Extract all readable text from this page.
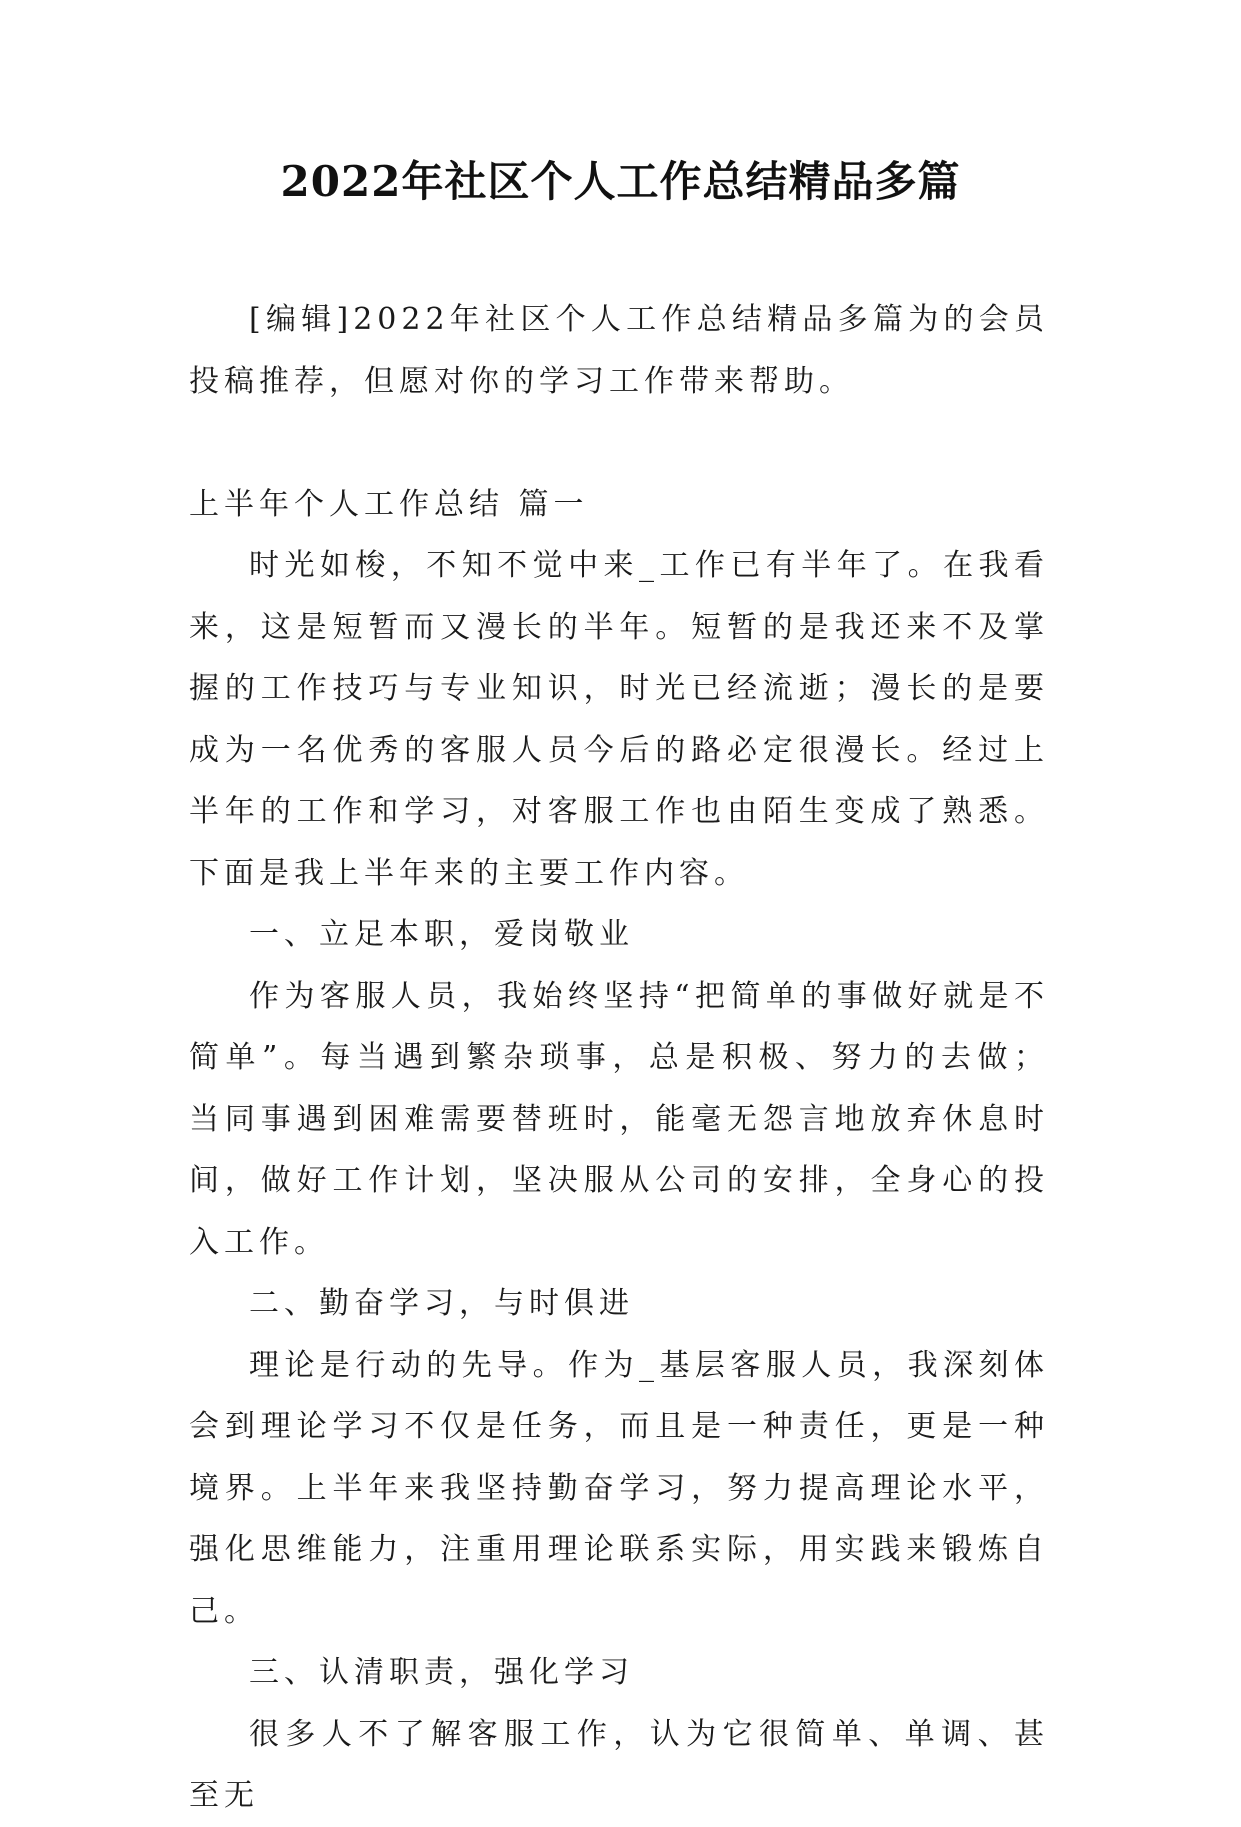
2022年社区个人工作总结精品多篇

[编辑]2022年社区个人工作总结精品多篇为的会员投稿推荐，但愿对你的学习工作带来帮助。

上半年个人工作总结 篇一

时光如梭，不知不觉中来_工作已有半年了。在我看来，这是短暂而又漫长的半年。短暂的是我还来不及掌握的工作技巧与专业知识，时光已经流逝；漫长的是要成为一名优秀的客服人员今后的路必定很漫长。经过上半年的工作和学习，对客服工作也由陌生变成了熟悉。下面是我上半年来的主要工作内容。

一、立足本职，爱岗敬业

作为客服人员，我始终坚持“把简单的事做好就是不简单”。每当遇到繁杂琐事，总是积极、努力的去做；当同事遇到困难需要替班时，能毫无怨言地放弃休息时间，做好工作计划，坚决服从公司的安排，全身心的投入工作。

二、勤奋学习，与时俱进

理论是行动的先导。作为_基层客服人员，我深刻体会到理论学习不仅是任务，而且是一种责任，更是一种境界。上半年来我坚持勤奋学习，努力提高理论水平，强化思维能力，注重用理论联系实际，用实践来锻炼自己。

三、认清职责，强化学习

很多人不了解客服工作，认为它很简单、单调、甚至无
